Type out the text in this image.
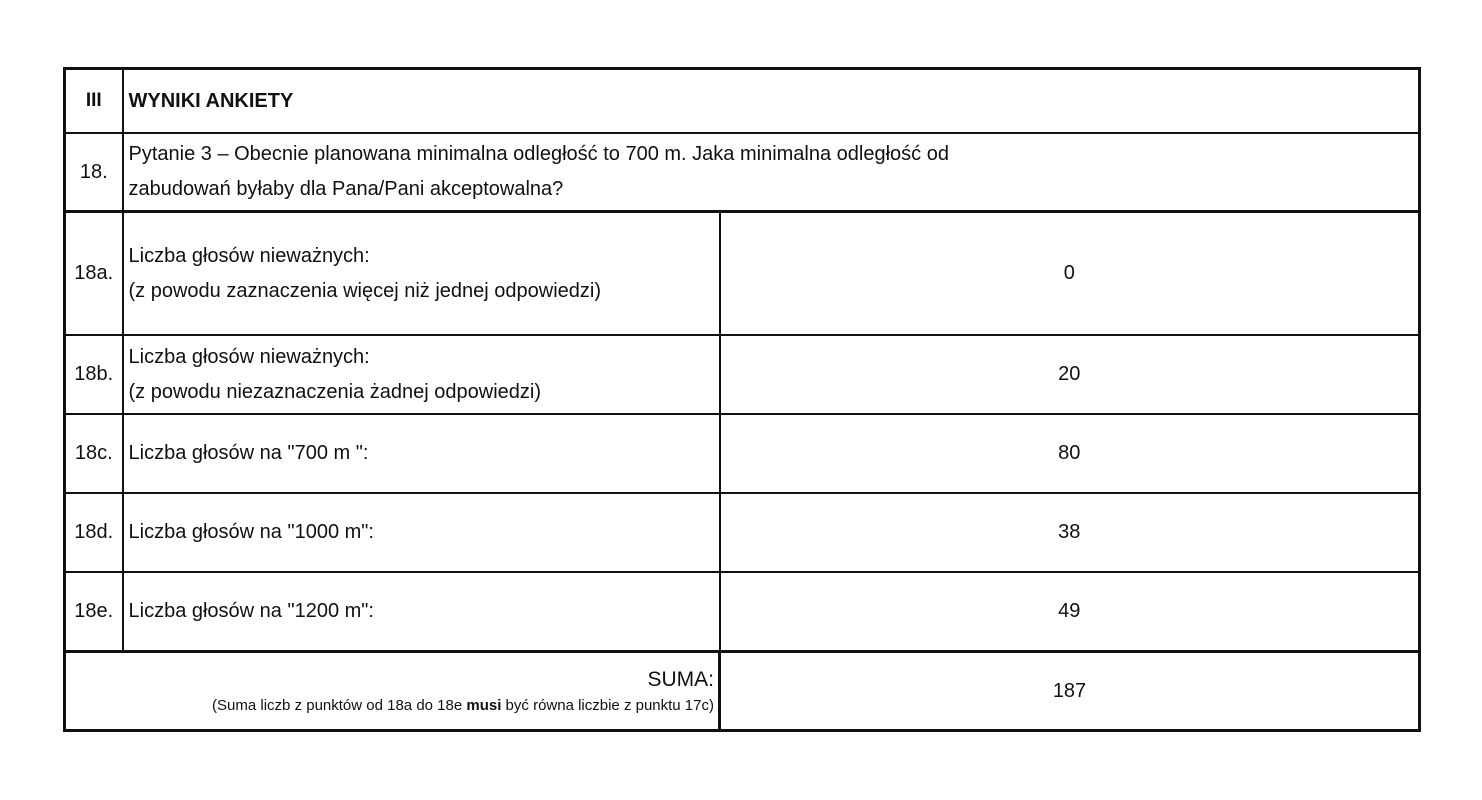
III	WYNIKI ANKIETY	
18.	Pytanie 3 – Obecnie planowana minimalna odległość to 700 m. Jaka minimalna odległość od
zabudowań byłaby dla Pana/Pani akceptowalna?	

18a.	Liczba głosów nieważnych:
(z powodu zaznaczenia więcej niż jednej odpowiedzi)	0
18b.	Liczba głosów nieważnych:
(z powodu niezaznaczenia żadnej odpowiedzi)	20
18c.	Liczba głosów na "700 m ":	80
18d.	Liczba głosów na "1000 m":	38
18e.	Liczba głosów na "1200 m":	49

SUMA:
(Suma liczb z punktów od 18a do 18e musi być równa liczbie z punktu 17c)		187
